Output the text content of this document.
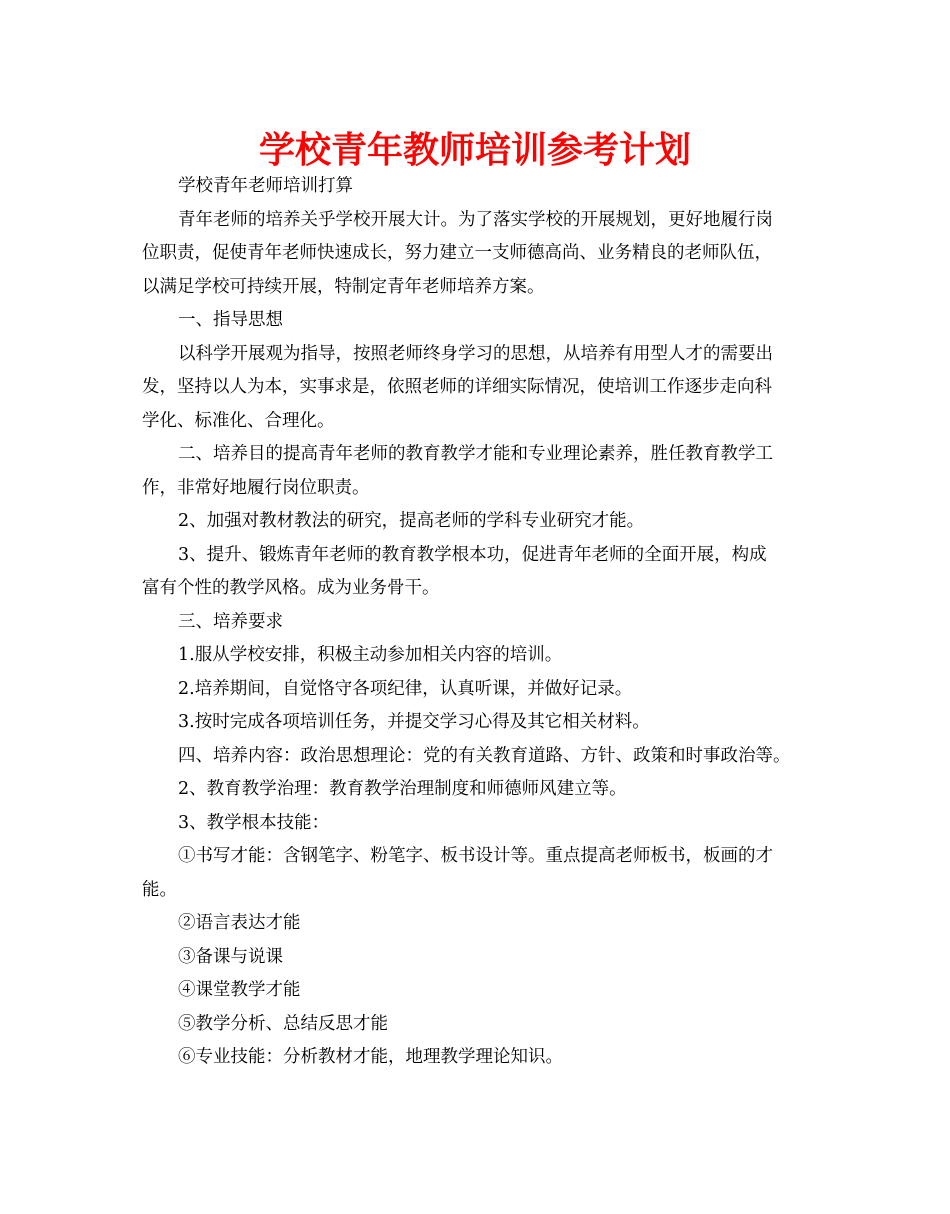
学校青年教师培训参考计划
学校青年老师培训打算
青年老师的培养关乎学校开展大计。为了落实学校的开展规划，更好地履行岗
位职责，促使青年老师快速成长，努力建立一支师德高尚、业务精良的老师队伍，
以满足学校可持续开展，特制定青年老师培养方案。
一、指导思想
以科学开展观为指导，按照老师终身学习的思想，从培养有用型人才的需要出
发，坚持以人为本，实事求是，依照老师的详细实际情况，使培训工作逐步走向科
学化、标准化、合理化。
二、培养目的提高青年老师的教育教学才能和专业理论素养，胜任教育教学工
作，非常好地履行岗位职责。
2、加强对教材教法的研究，提高老师的学科专业研究才能。
3、提升、锻炼青年老师的教育教学根本功，促进青年老师的全面开展，构成
富有个性的教学风格。成为业务骨干。
三、培养要求
1.服从学校安排，积极主动参加相关内容的培训。
2.培养期间，自觉恪守各项纪律，认真听课，并做好记录。
3.按时完成各项培训任务，并提交学习心得及其它相关材料。
四、培养内容：政治思想理论：党的有关教育道路、方针、政策和时事政治等。
2、教育教学治理：教育教学治理制度和师德师风建立等。
3、教学根本技能：
①书写才能：含钢笔字、粉笔字、板书设计等。重点提高老师板书，板画的才
能。
②语言表达才能
③备课与说课
④课堂教学才能
⑤教学分析、总结反思才能
⑥专业技能：分析教材才能，地理教学理论知识。
